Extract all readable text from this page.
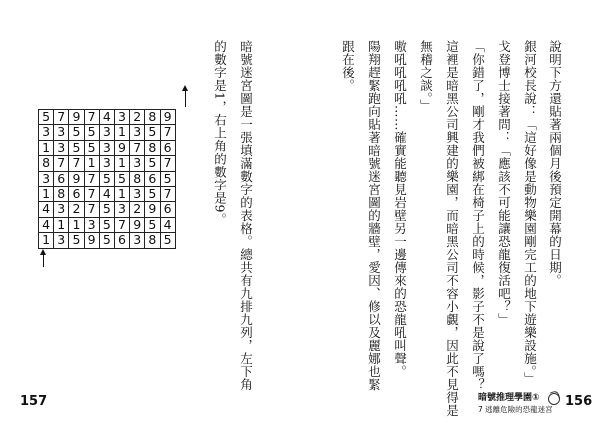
說明下方還貼著兩個月後預定開幕的日期。
銀河校長說：「這好像是動物樂園剛完工的地下遊樂設施。」
戈登博士接著問：「應該不可能讓恐龍復活吧？」
「你錯了，剛才我們被綁在椅子上的時候，影子不是說了嗎？
這裡是暗黑公司興建的樂園，而暗黑公司不容小覷，因此不見得是
無稽之談。」
嗷吼吼吼吼……確實能聽見岩壁另一邊傳來的恐龍吼叫聲。
陽翔趕緊跑向貼著暗號迷宮圖的牆壁，愛因、修以及麗娜也緊
跟在後。
暗號迷宮圖是一張填滿數字的表格。總共有九排九列，左下角
的數字是1，右上角的數字是9。
5	7	9	7	4	3	2	8	9
3	3	5	5	3	1	3	5	7
1	3	5	5	3	9	7	8	6
8	7	7	1	3	1	3	5	7
3	6	9	7	5	5	8	6	5
1	8	6	7	4	1	3	5	7
4	3	2	7	5	3	2	9	6
4	1	1	3	5	7	9	5	4
1	3	5	9	5	6	3	8	5
157	156
暗號推理學園①
7 逃離危險的恐龍迷宮
